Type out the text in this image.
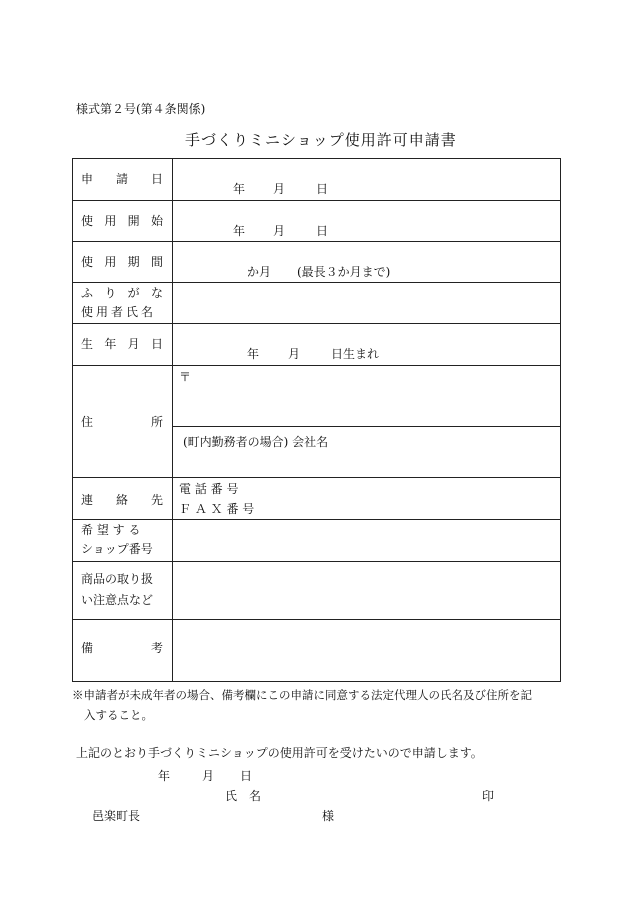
様式第２号(第４条関係)
手づくりミニショップ使用許可申請書
申 請 日	年 月 日

使 用 開 始	年 月 日

使 用 期 間	か月 (最長３か月まで)

ふ り が な
使用者氏名	

生 年 月 日	年 月 日生まれ

住 所	〒
(町内勤務者の場合) 会社名

連 絡 先	電 話 番 号
Ｆ Ａ Ｘ 番 号

希 望 す る
ショップ番号	

商品の取り扱
い注意点など	

備 考	

※申請者が未成年者の場合、備考欄にこの申請に同意する法定代理人の氏名及び住所を記
入すること。
上記のとおり手づくりミニショップの使用許可を受けたいので申請します。
年	月 日
氏　名	印
邑楽町長	様
